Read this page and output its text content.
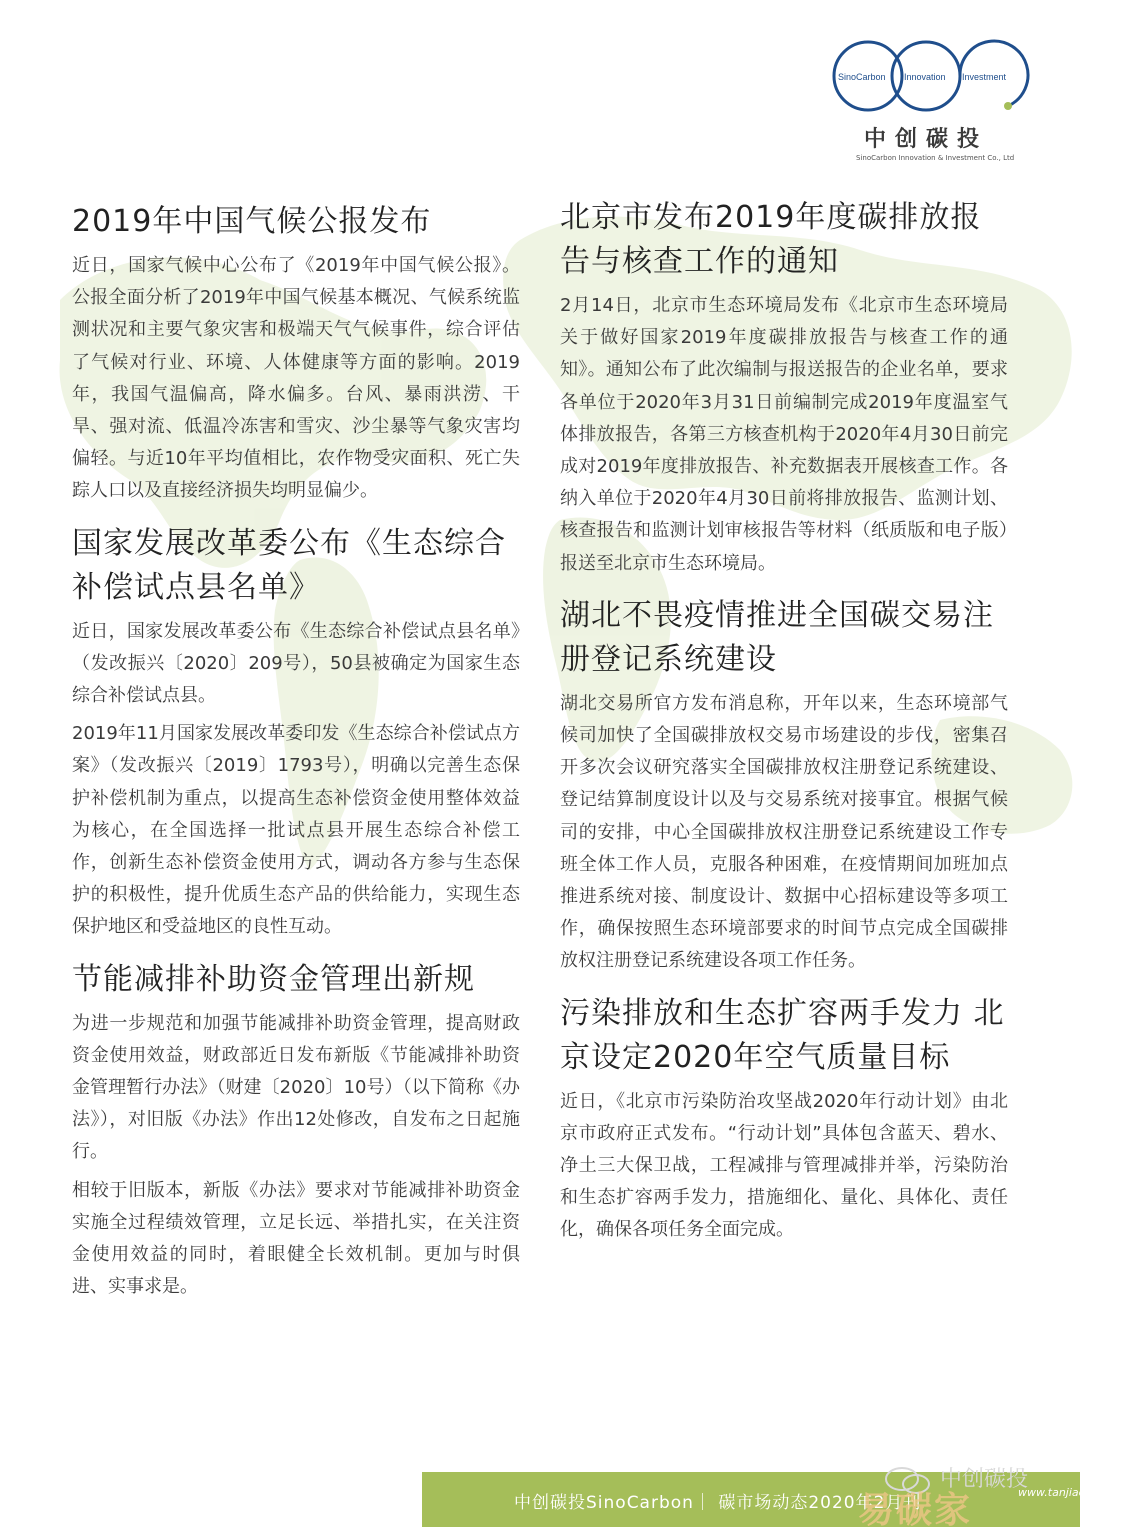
SinoCarbon Innovation Investment
中创碳投
SinoCarbon Innovation & Investment Co., Ltd
2019年中国气候公报发布

近日，国家气候中心公布了《2019年中国气候公报》。公报全面分析了2019年中国气候基本概况、气候系统监测状况和主要气象灾害和极端天气气候事件，综合评估了气候对行业、环境、人体健康等方面的影响。2019年，我国气温偏高，降水偏多。台风、暴雨洪涝、干旱、强对流、低温冷冻害和雪灾、沙尘暴等气象灾害均偏轻。与近10年平均值相比，农作物受灾面积、死亡失踪人口以及直接经济损失均明显偏少。

国家发展改革委公布《生态综合补偿试点县名单》

近日，国家发展改革委公布《生态综合补偿试点县名单》（发改振兴〔2020〕209号），50县被确定为国家生态综合补偿试点县。

2019年11月国家发展改革委印发《生态综合补偿试点方案》（发改振兴〔2019〕1793号），明确以完善生态保护补偿机制为重点，以提高生态补偿资金使用整体效益为核心，在全国选择一批试点县开展生态综合补偿工作，创新生态补偿资金使用方式，调动各方参与生态保护的积极性，提升优质生态产品的供给能力，实现生态保护地区和受益地区的良性互动。

节能减排补助资金管理出新规

为进一步规范和加强节能减排补助资金管理，提高财政资金使用效益，财政部近日发布新版《节能减排补助资金管理暂行办法》（财建〔2020〕10号）（以下简称《办法》），对旧版《办法》作出12处修改，自发布之日起施行。

相较于旧版本，新版《办法》要求对节能减排补助资金实施全过程绩效管理，立足长远、举措扎实，在关注资金使用效益的同时，着眼健全长效机制。更加与时俱进、实事求是。

北京市发布2019年度碳排放报告与核查工作的通知

2月14日，北京市生态环境局发布《北京市生态环境局关于做好国家2019年度碳排放报告与核查工作的通知》。通知公布了此次编制与报送报告的企业名单，要求各单位于2020年3月31日前编制完成2019年度温室气体排放报告，各第三方核查机构于2020年4月30日前完成对2019年度排放报告、补充数据表开展核查工作。各纳入单位于2020年4月30日前将排放报告、监测计划、核查报告和监测计划审核报告等材料（纸质版和电子版）报送至北京市生态环境局。

湖北不畏疫情推进全国碳交易注册登记系统建设

湖北交易所官方发布消息称，开年以来，生态环境部气候司加快了全国碳排放权交易市场建设的步伐，密集召开多次会议研究落实全国碳排放权注册登记系统建设、登记结算制度设计以及与交易系统对接事宜。根据气候司的安排，中心全国碳排放权注册登记系统建设工作专班全体工作人员，克服各种困难，在疫情期间加班加点推进系统对接、制度设计、数据中心招标建设等多项工作，确保按照生态环境部要求的时间节点完成全国碳排放权注册登记系统建设各项工作任务。

污染排放和生态扩容两手发力 北京设定2020年空气质量目标

近日，《北京市污染防治攻坚战2020年行动计划》由北京市政府正式发布。“行动计划”具体包含蓝天、碧水、净土三大保卫战，工程减排与管理减排并举，污染防治和生态扩容两手发力，措施细化、量化、具体化、责任化，确保各项任务全面完成。

中创碳投SinoCarbon｜ 碳市场动态2020年2月刊
中创碳投
易碳家	www.tanjiaoyi.com
